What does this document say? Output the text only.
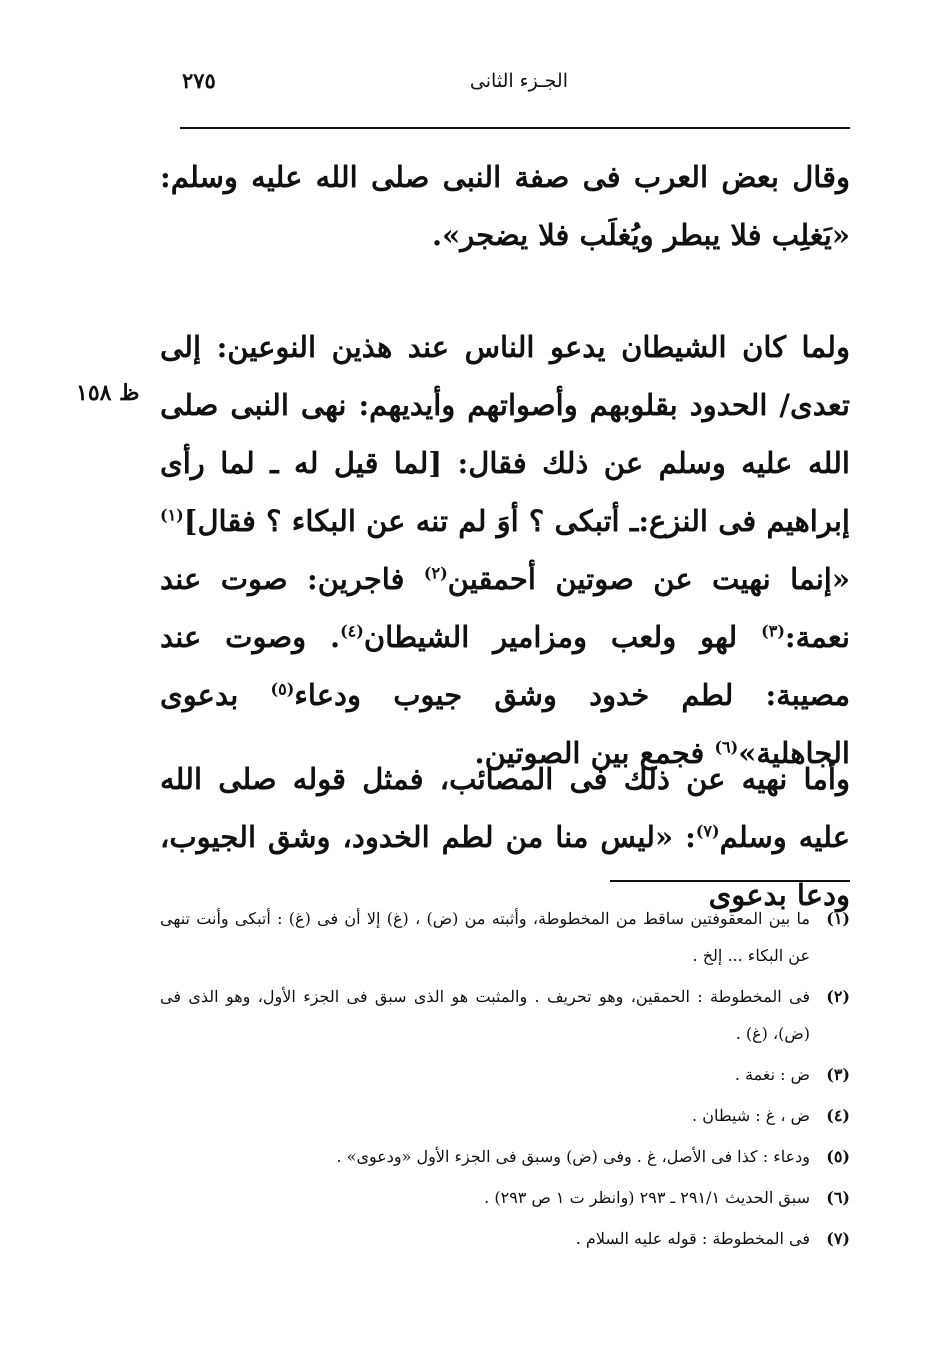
الجـزء الثانى
٢٧٥
ظ ١٥٨
وقال بعض العرب فى صفة النبى صلى الله عليه وسلم: «يَغلِب فلا يبطر ويُغلَب فلا يضجر».
ولما كان الشيطان يدعو الناس عند هذين النوعين: إلى تعدى/ الحدود بقلوبهم وأصواتهم وأيديهم: نهى النبى صلى الله عليه وسلم عن ذلك فقال: [لما قيل له ـ لما رأى إبراهيم فى النزع:ـ أتبكى ؟ أوَ لم تنه عن البكاء ؟ فقال]$^{(١)}$ «إنما نهيت عن صوتين أحمقين$^{(٢)}$ فاجرين: صوت عند نعمة:$^{(٣)}$ لهو ولعب ومزامير الشيطان$^{(٤)}$. وصوت عند مصيبة: لطم خدود وشق جيوب ودعاء$^{(٥)}$ بدعوى الجاهلية»$^{(٦)}$ فجمع بين الصوتين.
وأما نهيه عن ذلك فى المصائب، فمثل قوله صلى الله عليه وسلم$^{(٧)}$: «ليس منا من لطم الخدود، وشق الجيوب، ودعا بدعوى
(١)
ما بين المعقوفتين ساقط من المخطوطة، وأثبته من (ض) ، (غ) إلا أن فى (غ) : أتبكى وأنت تنهى عن البكاء ... إلخ .
(٢)
فى المخطوطة : الحمقين، وهو تحريف . والمثبت هو الذى سبق فى الجزء الأول، وهو الذى فى (ض)، (غ) .
(٣)
ض : نغمة .
(٤)
ض ، غ : شيطان .
(٥)
ودعاء : كذا فى الأصل، غ . وفى (ض) وسبق فى الجزء الأول «ودعوى» .
(٦)
سبق الحديث ٢٩١/١ ـ ٢٩٣ (وانظر ت ١ ص ٢٩٣) .
(٧)
فى المخطوطة : قوله عليه السلام .
